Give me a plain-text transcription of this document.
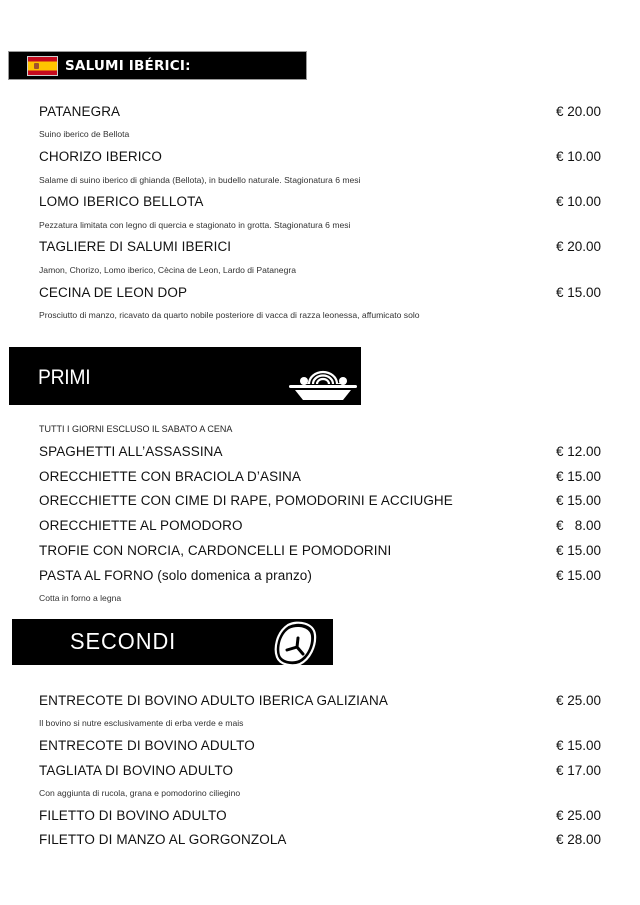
SALUMI IBÉRICI:
PATANEGRA	€ 20.00
Suino iberico de Bellota
CHORIZO IBERICO	€ 10.00
Salame di suino iberico di ghianda (Bellota), in budello naturale. Stagionatura 6 mesi
LOMO IBERICO BELLOTA	€ 10.00
Pezzatura limitata con legno di quercia e stagionato in grotta. Stagionatura 6 mesi
TAGLIERE DI SALUMI IBERICI	€ 20.00
Jamon, Chorizo, Lomo iberico, Cècina de Leon, Lardo di Patanegra
CECINA DE LEON DOP	€ 15.00
Prosciutto di manzo, ricavato da quarto nobile posteriore di vacca di razza leonessa, affumicato solo
PRIMI
TUTTI I GIORNI ESCLUSO IL SABATO A CENA
SPAGHETTI ALL’ASSASSINA	€ 12.00
ORECCHIETTE CON BRACIOLA D’ASINA	€ 15.00
ORECCHIETTE CON CIME DI RAPE, POMODORINI E ACCIUGHE	€ 15.00
ORECCHIETTE AL POMODORO	€   8.00
TROFIE CON NORCIA, CARDONCELLI E POMODORINI	€ 15.00
PASTA AL FORNO (solo domenica a pranzo)	€ 15.00
Cotta in forno a legna
SECONDI
ENTRECOTE DI BOVINO ADULTO IBERICA GALIZIANA	€ 25.00
Il bovino si nutre esclusivamente di erba verde e mais
ENTRECOTE DI BOVINO ADULTO	€ 15.00
TAGLIATA DI BOVINO ADULTO	€ 17.00
Con aggiunta di rucola, grana e pomodorino ciliegino
FILETTO DI BOVINO ADULTO	€ 25.00
FILETTO DI MANZO AL GORGONZOLA	€ 28.00
